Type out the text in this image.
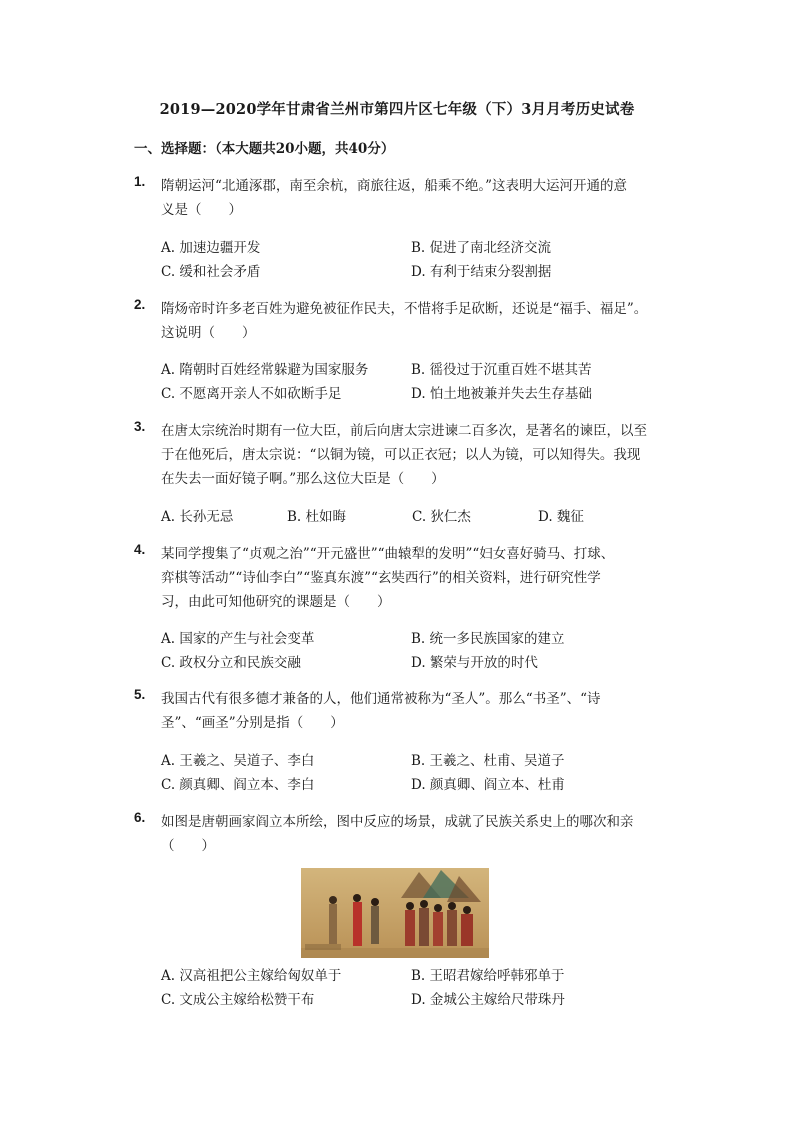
2019—2020学年甘肃省兰州市第四片区七年级（下）3月月考历史试卷
一、选择题：（本大题共20小题，共40分）
1.	隋朝运河“北通涿郡，南至余杭，商旅往返，船乘不绝。”这表明大运河开通的意
义是（　　）
A. 加速边疆开发	B. 促进了南北经济交流
C. 缓和社会矛盾	D. 有利于结束分裂割据
2.	隋炀帝时许多老百姓为避免被征作民夫，不惜将手足砍断，还说是“福手、福足”。
这说明（　　）
A. 隋朝时百姓经常躲避为国家服务	B. 徭役过于沉重百姓不堪其苦
C. 不愿离开亲人不如砍断手足	D. 怕土地被兼并失去生存基础
3.	在唐太宗统治时期有一位大臣，前后向唐太宗进谏二百多次，是著名的谏臣，以至
于在他死后，唐太宗说：“以铜为镜，可以正衣冠；以人为镜，可以知得失。我现
在失去一面好镜子啊。”那么这位大臣是（　　）
A. 长孙无忌	B. 杜如晦	C. 狄仁杰	D. 魏征
4.	某同学搜集了“贞观之治”“开元盛世”“曲辕犁的发明”“妇女喜好骑马、打球、
弈棋等活动”“诗仙李白”“鉴真东渡”“玄奘西行”的相关资料，进行研究性学
习，由此可知他研究的课题是（　　）
A. 国家的产生与社会变革	B. 统一多民族国家的建立
C. 政权分立和民族交融	D. 繁荣与开放的时代
5.	我国古代有很多德才兼备的人，他们通常被称为“圣人”。那么“书圣”、“诗
圣”、“画圣”分别是指（　　）
A. 王羲之、吴道子、李白	B. 王羲之、杜甫、吴道子
C. 颜真卿、阎立本、李白	D. 颜真卿、阎立本、杜甫
6.	如图是唐朝画家阎立本所绘，图中反应的场景，成就了民族关系史上的哪次和亲
（　　）
A. 汉高祖把公主嫁给匈奴单于	B. 王昭君嫁给呼韩邪单于
C. 文成公主嫁给松赞干布	D. 金城公主嫁给尺带珠丹
